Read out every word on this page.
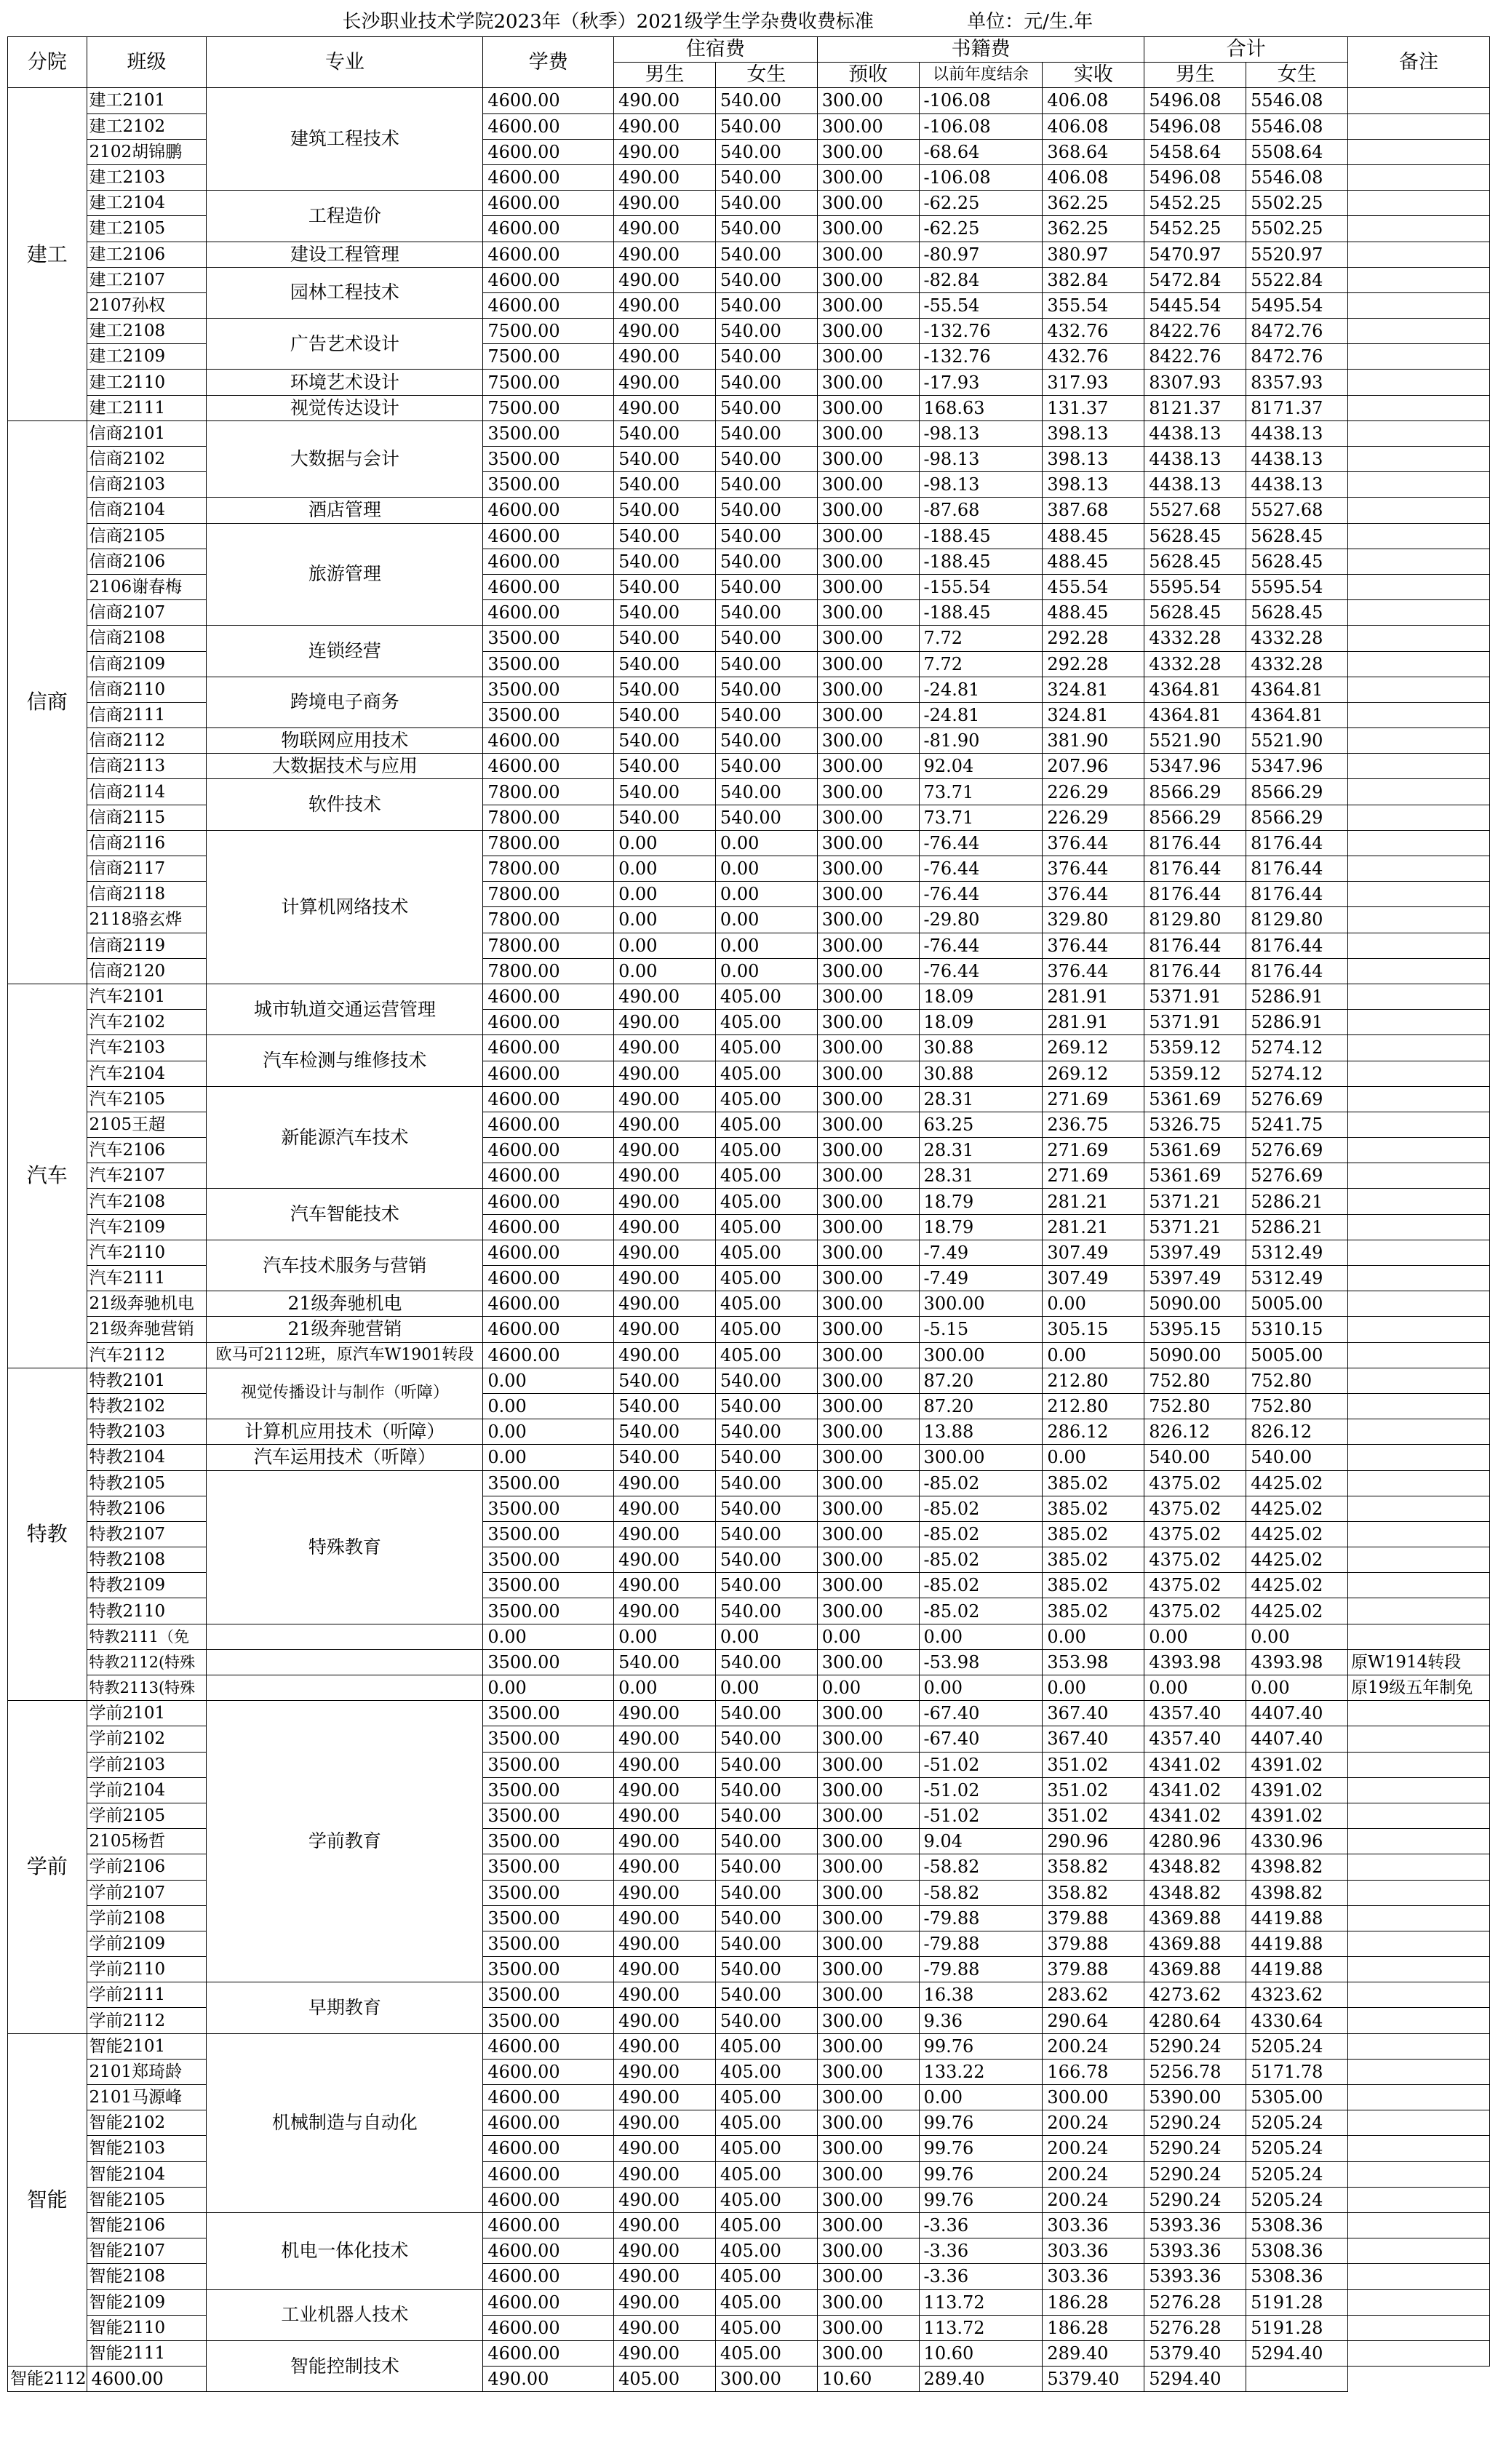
长沙职业技术学院2023年（秋季）2021级学生学杂费收费标准 单位：元/生.年											
分院	班级	专业	学费	住宿费		书籍费			合计		备注
				男生	女生	预收	以前年度结余	实收	男生	女生	
建工	建工2101	建筑工程技术	4600.00	490.00	540.00	300.00	-106.08	406.08	5496.08	5546.08	
	建工2102		4600.00	490.00	540.00	300.00	-106.08	406.08	5496.08	5546.08	
	2102胡锦鹏		4600.00	490.00	540.00	300.00	-68.64	368.64	5458.64	5508.64	
	建工2103		4600.00	490.00	540.00	300.00	-106.08	406.08	5496.08	5546.08	
	建工2104	工程造价	4600.00	490.00	540.00	300.00	-62.25	362.25	5452.25	5502.25	
	建工2105		4600.00	490.00	540.00	300.00	-62.25	362.25	5452.25	5502.25	
	建工2106	建设工程管理	4600.00	490.00	540.00	300.00	-80.97	380.97	5470.97	5520.97	
	建工2107	园林工程技术	4600.00	490.00	540.00	300.00	-82.84	382.84	5472.84	5522.84	
	2107孙权		4600.00	490.00	540.00	300.00	-55.54	355.54	5445.54	5495.54	
	建工2108	广告艺术设计	7500.00	490.00	540.00	300.00	-132.76	432.76	8422.76	8472.76	
	建工2109		7500.00	490.00	540.00	300.00	-132.76	432.76	8422.76	8472.76	
	建工2110	环境艺术设计	7500.00	490.00	540.00	300.00	-17.93	317.93	8307.93	8357.93	
	建工2111	视觉传达设计	7500.00	490.00	540.00	300.00	168.63	131.37	8121.37	8171.37	
信商	信商2101	大数据与会计	3500.00	540.00	540.00	300.00	-98.13	398.13	4438.13	4438.13	
	信商2102		3500.00	540.00	540.00	300.00	-98.13	398.13	4438.13	4438.13	
	信商2103		3500.00	540.00	540.00	300.00	-98.13	398.13	4438.13	4438.13	
	信商2104	酒店管理	4600.00	540.00	540.00	300.00	-87.68	387.68	5527.68	5527.68	
	信商2105	旅游管理	4600.00	540.00	540.00	300.00	-188.45	488.45	5628.45	5628.45	
	信商2106		4600.00	540.00	540.00	300.00	-188.45	488.45	5628.45	5628.45	
	2106谢春梅		4600.00	540.00	540.00	300.00	-155.54	455.54	5595.54	5595.54	
	信商2107		4600.00	540.00	540.00	300.00	-188.45	488.45	5628.45	5628.45	
	信商2108	连锁经营	3500.00	540.00	540.00	300.00	7.72	292.28	4332.28	4332.28	
	信商2109		3500.00	540.00	540.00	300.00	7.72	292.28	4332.28	4332.28	
	信商2110	跨境电子商务	3500.00	540.00	540.00	300.00	-24.81	324.81	4364.81	4364.81	
	信商2111		3500.00	540.00	540.00	300.00	-24.81	324.81	4364.81	4364.81	
	信商2112	物联网应用技术	4600.00	540.00	540.00	300.00	-81.90	381.90	5521.90	5521.90	
	信商2113	大数据技术与应用	4600.00	540.00	540.00	300.00	92.04	207.96	5347.96	5347.96	
	信商2114	软件技术	7800.00	540.00	540.00	300.00	73.71	226.29	8566.29	8566.29	
	信商2115		7800.00	540.00	540.00	300.00	73.71	226.29	8566.29	8566.29	
	信商2116	计算机网络技术	7800.00	0.00	0.00	300.00	-76.44	376.44	8176.44	8176.44	
	信商2117		7800.00	0.00	0.00	300.00	-76.44	376.44	8176.44	8176.44	
	信商2118		7800.00	0.00	0.00	300.00	-76.44	376.44	8176.44	8176.44	
	2118骆玄烨		7800.00	0.00	0.00	300.00	-29.80	329.80	8129.80	8129.80	
	信商2119		7800.00	0.00	0.00	300.00	-76.44	376.44	8176.44	8176.44	
	信商2120		7800.00	0.00	0.00	300.00	-76.44	376.44	8176.44	8176.44	
汽车	汽车2101	城市轨道交通运营管理	4600.00	490.00	405.00	300.00	18.09	281.91	5371.91	5286.91	
	汽车2102		4600.00	490.00	405.00	300.00	18.09	281.91	5371.91	5286.91	
	汽车2103	汽车检测与维修技术	4600.00	490.00	405.00	300.00	30.88	269.12	5359.12	5274.12	
	汽车2104		4600.00	490.00	405.00	300.00	30.88	269.12	5359.12	5274.12	
	汽车2105	新能源汽车技术	4600.00	490.00	405.00	300.00	28.31	271.69	5361.69	5276.69	
	2105王超		4600.00	490.00	405.00	300.00	63.25	236.75	5326.75	5241.75	
	汽车2106		4600.00	490.00	405.00	300.00	28.31	271.69	5361.69	5276.69	
	汽车2107		4600.00	490.00	405.00	300.00	28.31	271.69	5361.69	5276.69	
	汽车2108	汽车智能技术	4600.00	490.00	405.00	300.00	18.79	281.21	5371.21	5286.21	
	汽车2109		4600.00	490.00	405.00	300.00	18.79	281.21	5371.21	5286.21	
	汽车2110	汽车技术服务与营销	4600.00	490.00	405.00	300.00	-7.49	307.49	5397.49	5312.49	
	汽车2111		4600.00	490.00	405.00	300.00	-7.49	307.49	5397.49	5312.49	
	21级奔驰机电	21级奔驰机电	4600.00	490.00	405.00	300.00	300.00	0.00	5090.00	5005.00	
	21级奔驰营销	21级奔驰营销	4600.00	490.00	405.00	300.00	-5.15	305.15	5395.15	5310.15	
	汽车2112	欧马可2112班，原汽车W1901转段	4600.00	490.00	405.00	300.00	300.00	0.00	5090.00	5005.00	
特教	特教2101	视觉传播设计与制作（听障）	0.00	540.00	540.00	300.00	87.20	212.80	752.80	752.80	
	特教2102		0.00	540.00	540.00	300.00	87.20	212.80	752.80	752.80	
	特教2103	计算机应用技术（听障）	0.00	540.00	540.00	300.00	13.88	286.12	826.12	826.12	
	特教2104	汽车运用技术（听障）	0.00	540.00	540.00	300.00	300.00	0.00	540.00	540.00	
	特教2105	特殊教育	3500.00	490.00	540.00	300.00	-85.02	385.02	4375.02	4425.02	
	特教2106		3500.00	490.00	540.00	300.00	-85.02	385.02	4375.02	4425.02	
	特教2107		3500.00	490.00	540.00	300.00	-85.02	385.02	4375.02	4425.02	
	特教2108		3500.00	490.00	540.00	300.00	-85.02	385.02	4375.02	4425.02	
	特教2109		3500.00	490.00	540.00	300.00	-85.02	385.02	4375.02	4425.02	
	特教2110		3500.00	490.00	540.00	300.00	-85.02	385.02	4375.02	4425.02	
	特教2111（免		0.00	0.00	0.00	0.00	0.00	0.00	0.00	0.00	
	特教2112(特殊		3500.00	540.00	540.00	300.00	-53.98	353.98	4393.98	4393.98	原W1914转段
	特教2113(特殊		0.00	0.00	0.00	0.00	0.00	0.00	0.00	0.00	原19级五年制免
学前	学前2101	学前教育	3500.00	490.00	540.00	300.00	-67.40	367.40	4357.40	4407.40	
	学前2102		3500.00	490.00	540.00	300.00	-67.40	367.40	4357.40	4407.40	
	学前2103		3500.00	490.00	540.00	300.00	-51.02	351.02	4341.02	4391.02	
	学前2104		3500.00	490.00	540.00	300.00	-51.02	351.02	4341.02	4391.02	
	学前2105		3500.00	490.00	540.00	300.00	-51.02	351.02	4341.02	4391.02	
	2105杨哲		3500.00	490.00	540.00	300.00	9.04	290.96	4280.96	4330.96	
	学前2106		3500.00	490.00	540.00	300.00	-58.82	358.82	4348.82	4398.82	
	学前2107		3500.00	490.00	540.00	300.00	-58.82	358.82	4348.82	4398.82	
	学前2108		3500.00	490.00	540.00	300.00	-79.88	379.88	4369.88	4419.88	
	学前2109		3500.00	490.00	540.00	300.00	-79.88	379.88	4369.88	4419.88	
	学前2110		3500.00	490.00	540.00	300.00	-79.88	379.88	4369.88	4419.88	
	学前2111	早期教育	3500.00	490.00	540.00	300.00	16.38	283.62	4273.62	4323.62	
	学前2112		3500.00	490.00	540.00	300.00	9.36	290.64	4280.64	4330.64	
智能	智能2101	机械制造与自动化	4600.00	490.00	405.00	300.00	99.76	200.24	5290.24	5205.24	
	2101郑琦龄		4600.00	490.00	405.00	300.00	133.22	166.78	5256.78	5171.78	
	2101马源峰		4600.00	490.00	405.00	300.00	0.00	300.00	5390.00	5305.00	
	智能2102		4600.00	490.00	405.00	300.00	99.76	200.24	5290.24	5205.24	
	智能2103		4600.00	490.00	405.00	300.00	99.76	200.24	5290.24	5205.24	
	智能2104		4600.00	490.00	405.00	300.00	99.76	200.24	5290.24	5205.24	
	智能2105		4600.00	490.00	405.00	300.00	99.76	200.24	5290.24	5205.24	
	智能2106	机电一体化技术	4600.00	490.00	405.00	300.00	-3.36	303.36	5393.36	5308.36	
	智能2107		4600.00	490.00	405.00	300.00	-3.36	303.36	5393.36	5308.36	
	智能2108		4600.00	490.00	405.00	300.00	-3.36	303.36	5393.36	5308.36	
	智能2109	工业机器人技术	4600.00	490.00	405.00	300.00	113.72	186.28	5276.28	5191.28	
	智能2110		4600.00	490.00	405.00	300.00	113.72	186.28	5276.28	5191.28	
	智能2111	智能控制技术	4600.00	490.00	405.00	300.00	10.60	289.40	5379.40	5294.40	
智能2112	4600.00		490.00	405.00	300.00	10.60	289.40	5379.40	5294.40		
